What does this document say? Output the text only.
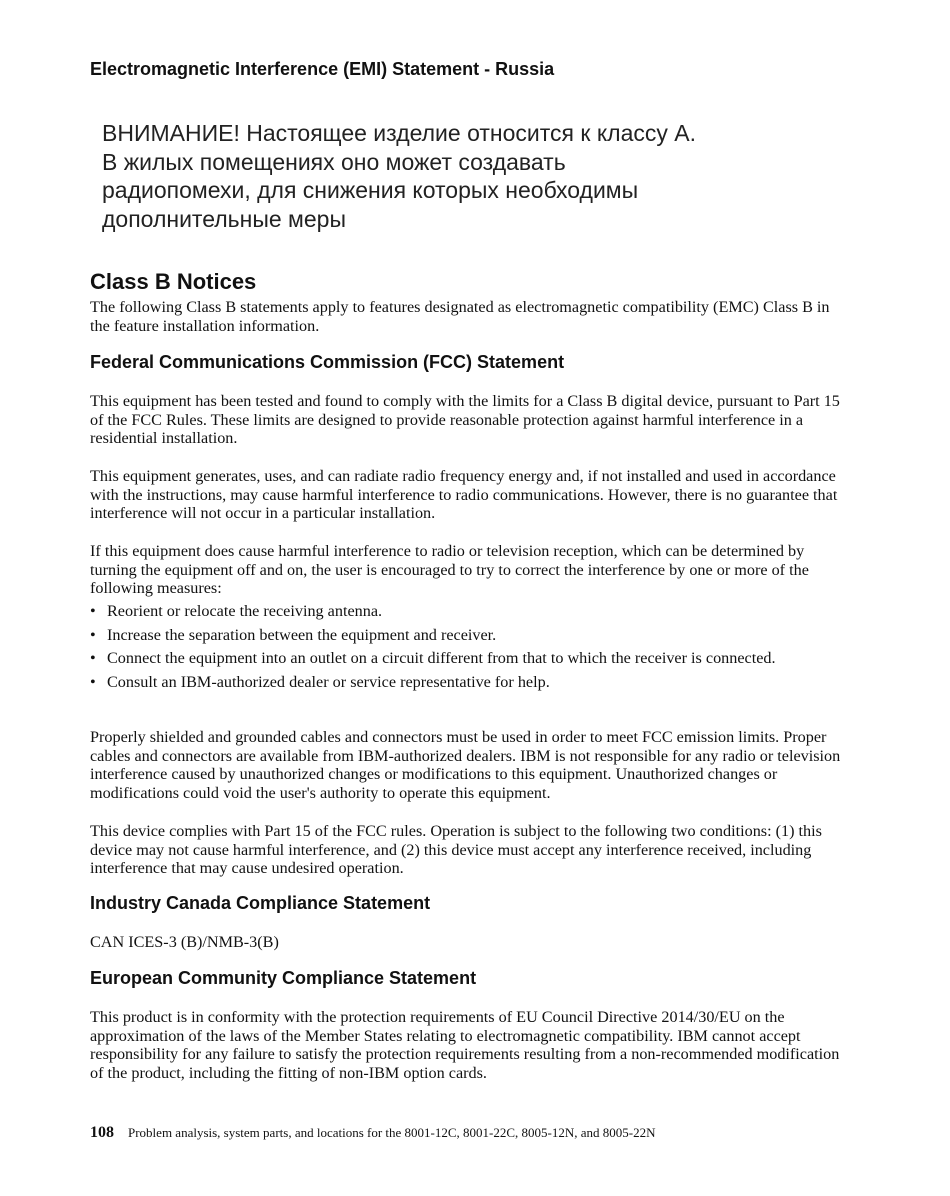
Electromagnetic Interference (EMI) Statement - Russia
ВНИМАНИЕ! Настоящее изделие относится к классу А.
В жилых помещениях оно может создавать
радиопомехи, для снижения которых необходимы
дополнительные меры
Class B Notices

The following Class B statements apply to features designated as electromagnetic compatibility (EMC) Class B in the feature installation information.

Federal Communications Commission (FCC) Statement

This equipment has been tested and found to comply with the limits for a Class B digital device, pursuant to Part 15 of the FCC Rules. These limits are designed to provide reasonable protection against harmful interference in a residential installation.

This equipment generates, uses, and can radiate radio frequency energy and, if not installed and used in accordance with the instructions, may cause harmful interference to radio communications. However, there is no guarantee that interference will not occur in a particular installation.

If this equipment does cause harmful interference to radio or television reception, which can be determined by turning the equipment off and on, the user is encouraged to try to correct the interference by one or more of the following measures:

• Reorient or relocate the receiving antenna.
• Increase the separation between the equipment and receiver.
• Connect the equipment into an outlet on a circuit different from that to which the receiver is connected.
• Consult an IBM-authorized dealer or service representative for help.

Properly shielded and grounded cables and connectors must be used in order to meet FCC emission limits. Proper cables and connectors are available from IBM-authorized dealers. IBM is not responsible for any radio or television interference caused by unauthorized changes or modifications to this equipment. Unauthorized changes or modifications could void the user's authority to operate this equipment.

This device complies with Part 15 of the FCC rules. Operation is subject to the following two conditions: (1) this device may not cause harmful interference, and (2) this device must accept any interference received, including interference that may cause undesired operation.

Industry Canada Compliance Statement

CAN ICES-3 (B)/NMB-3(B)

European Community Compliance Statement

This product is in conformity with the protection requirements of EU Council Directive 2014/30/EU on the approximation of the laws of the Member States relating to electromagnetic compatibility. IBM cannot accept responsibility for any failure to satisfy the protection requirements resulting from a non-recommended modification of the product, including the fitting of non-IBM option cards.

108 Problem analysis, system parts, and locations for the 8001-12C, 8001-22C, 8005-12N, and 8005-22N
